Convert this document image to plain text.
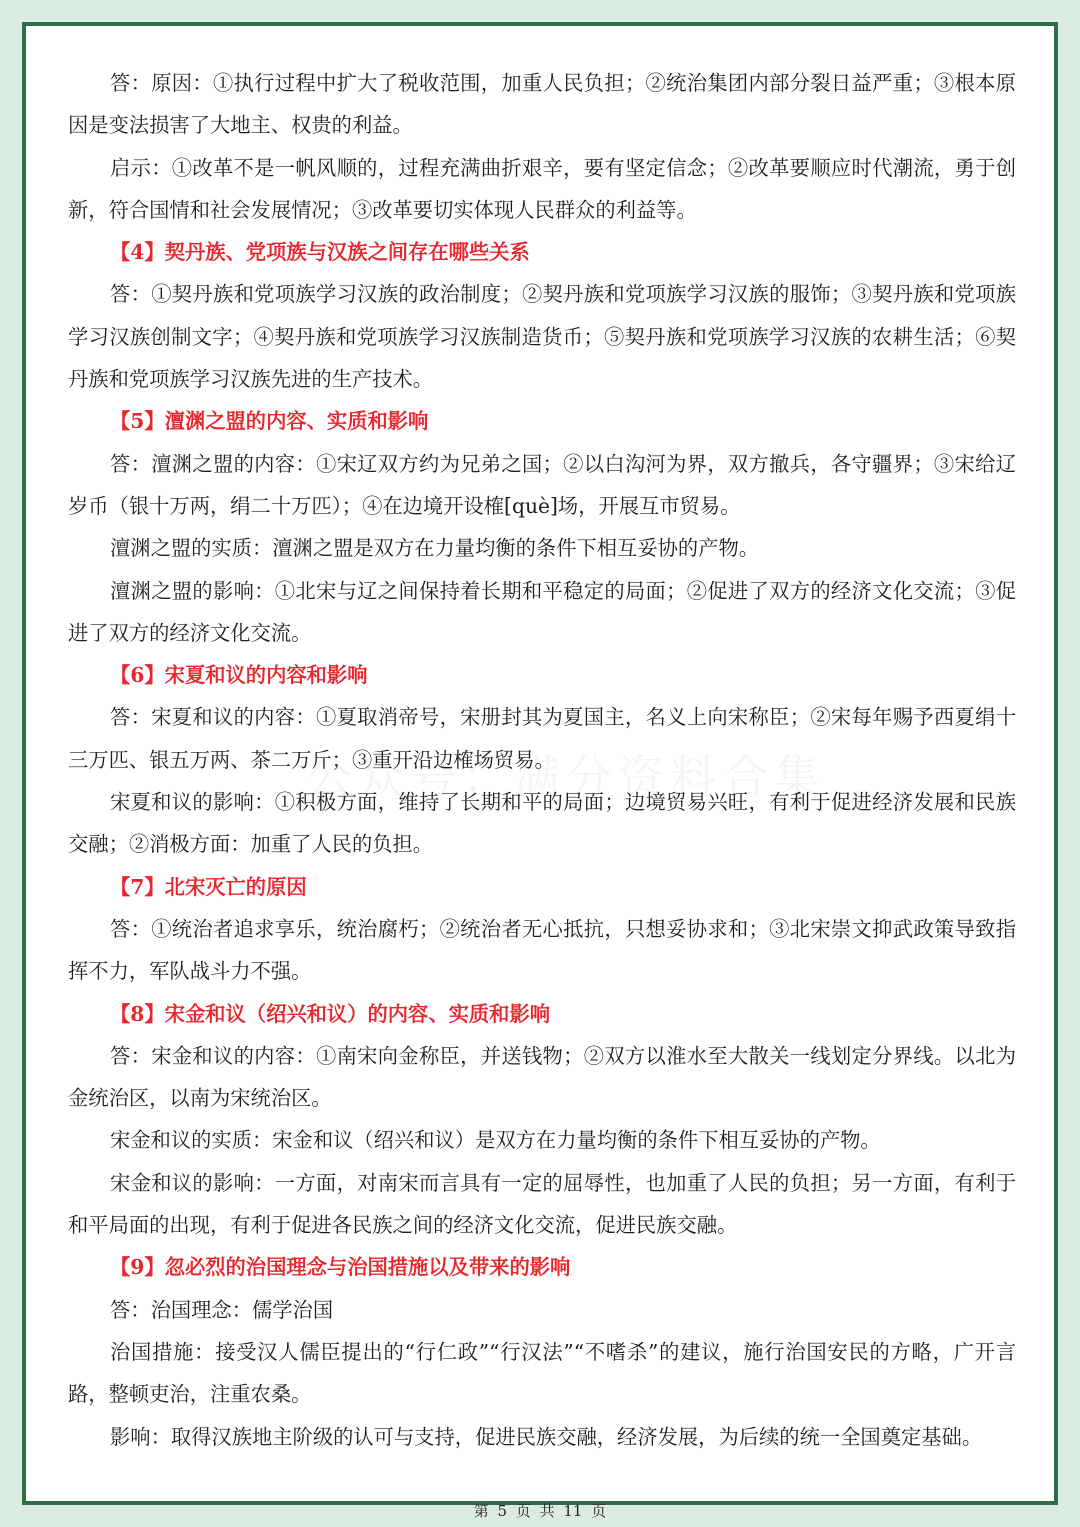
答：原因：①执行过程中扩大了税收范围，加重人民负担；②统治集团内部分裂日益严重；③根本原因是变法损害了大地主、权贵的利益。

启示：①改革不是一帆风顺的，过程充满曲折艰辛，要有坚定信念；②改革要顺应时代潮流，勇于创新，符合国情和社会发展情况；③改革要切实体现人民群众的利益等。

【4】契丹族、党项族与汉族之间存在哪些关系

答：①契丹族和党项族学习汉族的政治制度；②契丹族和党项族学习汉族的服饰；③契丹族和党项族学习汉族创制文字；④契丹族和党项族学习汉族制造货币；⑤契丹族和党项族学习汉族的农耕生活；⑥契丹族和党项族学习汉族先进的生产技术。

【5】澶渊之盟的内容、实质和影响

答：澶渊之盟的内容：①宋辽双方约为兄弟之国；②以白沟河为界，双方撤兵，各守疆界；③宋给辽岁币（银十万两，绢二十万匹）；④在边境开设榷[què]场，开展互市贸易。

澶渊之盟的实质：澶渊之盟是双方在力量均衡的条件下相互妥协的产物。

澶渊之盟的影响：①北宋与辽之间保持着长期和平稳定的局面；②促进了双方的经济文化交流；③促进了双方的经济文化交流。

【6】宋夏和议的内容和影响

答：宋夏和议的内容：①夏取消帝号，宋册封其为夏国主，名义上向宋称臣；②宋每年赐予西夏绢十三万匹、银五万两、茶二万斤；③重开沿边榷场贸易。

宋夏和议的影响：①积极方面，维持了长期和平的局面；边境贸易兴旺，有利于促进经济发展和民族交融；②消极方面：加重了人民的负担。

【7】北宋灭亡的原因

答：①统治者追求享乐，统治腐朽；②统治者无心抵抗，只想妥协求和；③北宋崇文抑武政策导致指挥不力，军队战斗力不强。

【8】宋金和议（绍兴和议）的内容、实质和影响

答：宋金和议的内容：①南宋向金称臣，并送钱物；②双方以淮水至大散关一线划定分界线。以北为金统治区，以南为宋统治区。

宋金和议的实质：宋金和议（绍兴和议）是双方在力量均衡的条件下相互妥协的产物。

宋金和议的影响：一方面，对南宋而言具有一定的屈辱性，也加重了人民的负担；另一方面，有利于和平局面的出现，有利于促进各民族之间的经济文化交流，促进民族交融。

【9】忽必烈的治国理念与治国措施以及带来的影响

答：治国理念：儒学治国

治国措施：接受汉人儒臣提出的“行仁政”“行汉法”“不嗜杀”的建议，施行治国安民的方略，广开言路，整顿吏治，注重农桑。

影响：取得汉族地主阶级的认可与支持，促进民族交融，经济发展，为后续的统一全国奠定基础。

第 5 页 共 11 页
